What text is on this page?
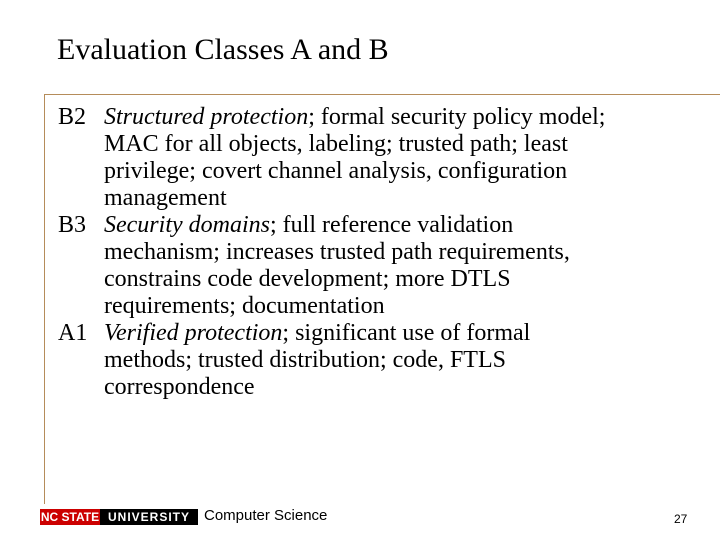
Evaluation Classes A and B
B2 Structured protection; formal security policy model;
MAC for all objects, labeling; trusted path; least
privilege; covert channel analysis, configuration
management
B3 Security domains; full reference validation
mechanism; increases trusted path requirements,
constrains code development; more DTLS
requirements; documentation
A1 Verified protection; significant use of formal
methods; trusted distribution; code, FTLS
correspondence
NC STATE UNIVERSITY Computer Science	27
